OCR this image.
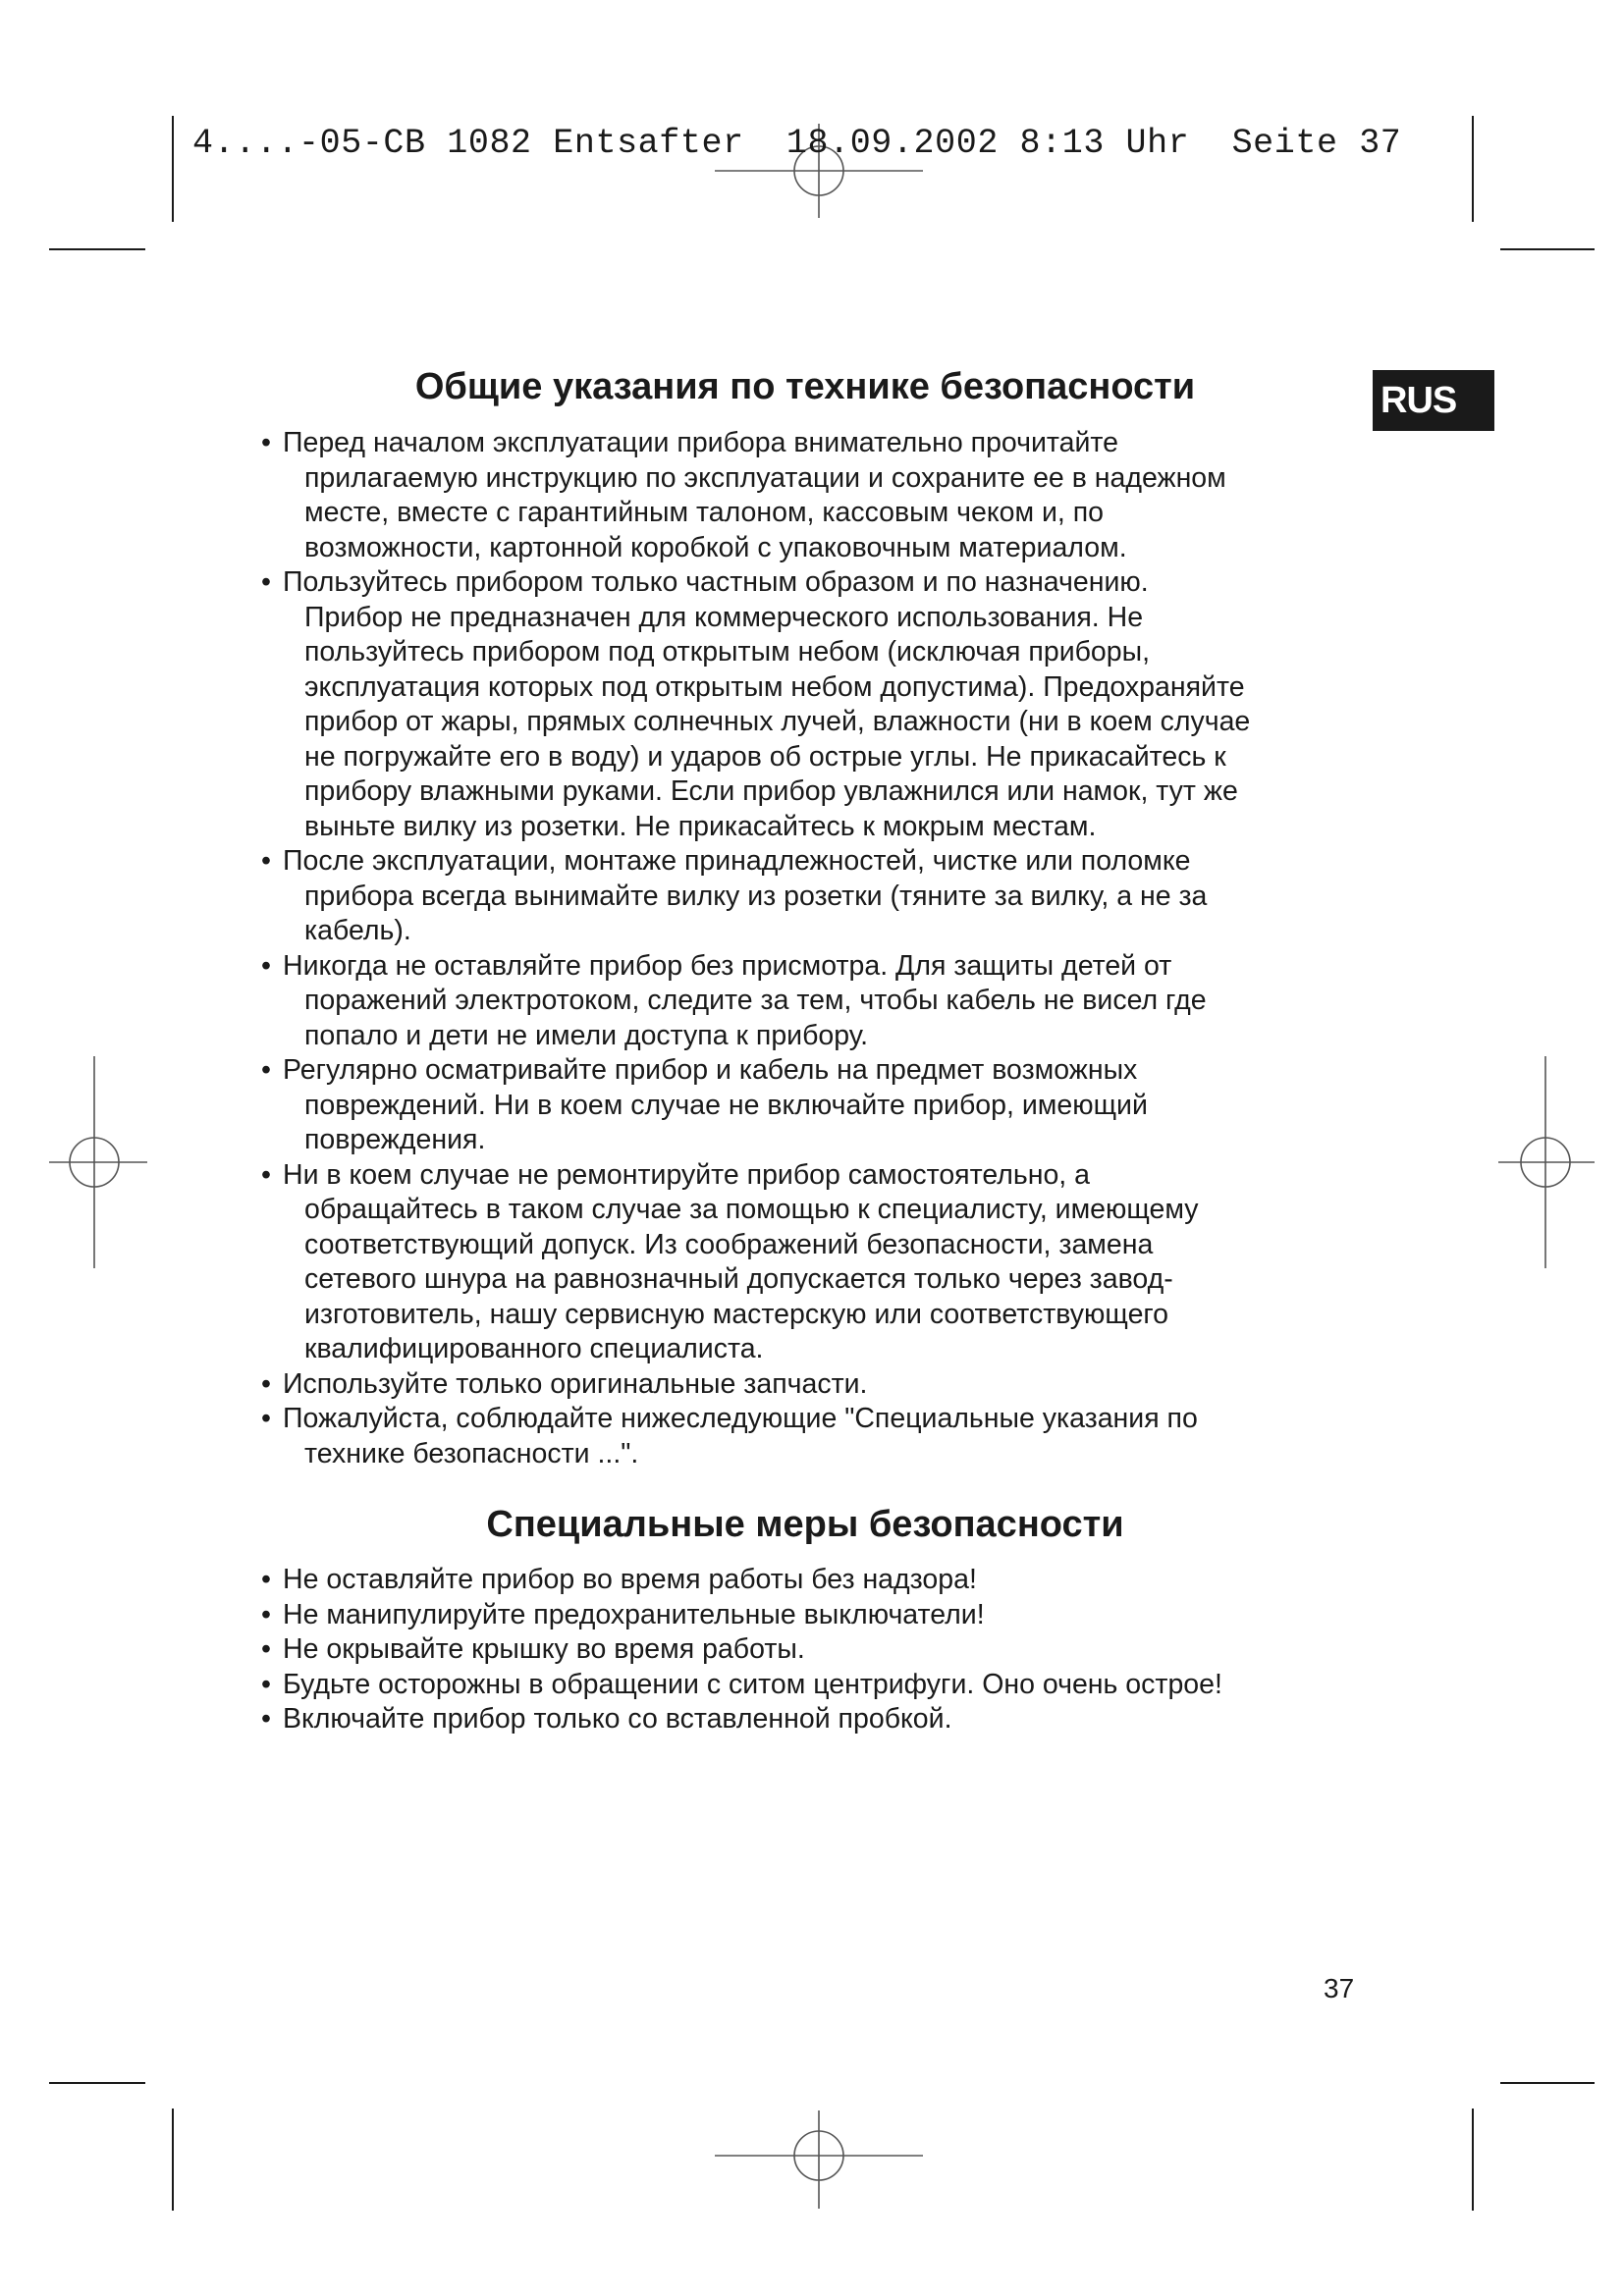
4....-05-CB 1082 Entsafter  18.09.2002 8:13 Uhr  Seite 37
RUS
Общие указания по технике безопасности
• Перед началом эксплуатации прибора внимательно прочитайте
прилагаемую инструкцию по эксплуатации и сохраните ее в надежном
месте, вместе с гарантийным талоном, кассовым чеком и, по
возможности, картонной коробкой с упаковочным материалом.
• Пользуйтесь прибором только частным образом и по назначению.
Прибор не предназначен для коммерческого использования. Не
пользуйтесь прибором под открытым небом (исключая приборы,
эксплуатация которых под открытым небом допустима). Предохраняйте
прибор от жары, прямых солнечных лучей, влажности (ни в коем случае
не погружайте его в воду) и ударов об острые углы. Не прикасайтесь к
прибору влажными руками. Если прибор увлажнился или намок, тут же
выньте вилку из розетки. Не прикасайтесь к мокрым местам.
• После эксплуатации, монтаже принадлежностей, чистке или поломке
прибора всегда вынимайте вилку из розетки (тяните за вилку, а не за
кабель).
• Никогда не оставляйте прибор без присмотра. Для защиты детей от
поражений электротоком, следите за тем, чтобы кабель не висел где
попало и дети не имели доступа к прибору.
• Регулярно осматривайте прибор и кабель на предмет возможных
повреждений. Ни в коем случае не включайте прибор, имеющий
повреждения.
• Ни в коем случае не ремонтируйте прибор самостоятельно, а
обращайтесь в таком случае за помощью к специалисту, имеющему
соответствующий допуск. Из соображений безопасности, замена
сетевого шнура на равнозначный допускается только через завод-
изготовитель, нашу сервисную мастерскую или соответствующего
квалифицированного специалиста.
• Используйте только оригинальные запчасти.
• Пожалуйста, соблюдайте нижеследующие "Специальные указания по
технике безопасности ...".
Специальные меры безопасности
• Не оставляйте прибор во время работы без надзора!
• Не манипулируйте предохранительные выключатели!
• Не окрывайте крышку во время работы.
• Будьте осторожны в обращении с ситом центрифуги. Оно очень острое!
• Включайте прибор только со вставленной пробкой.
37
